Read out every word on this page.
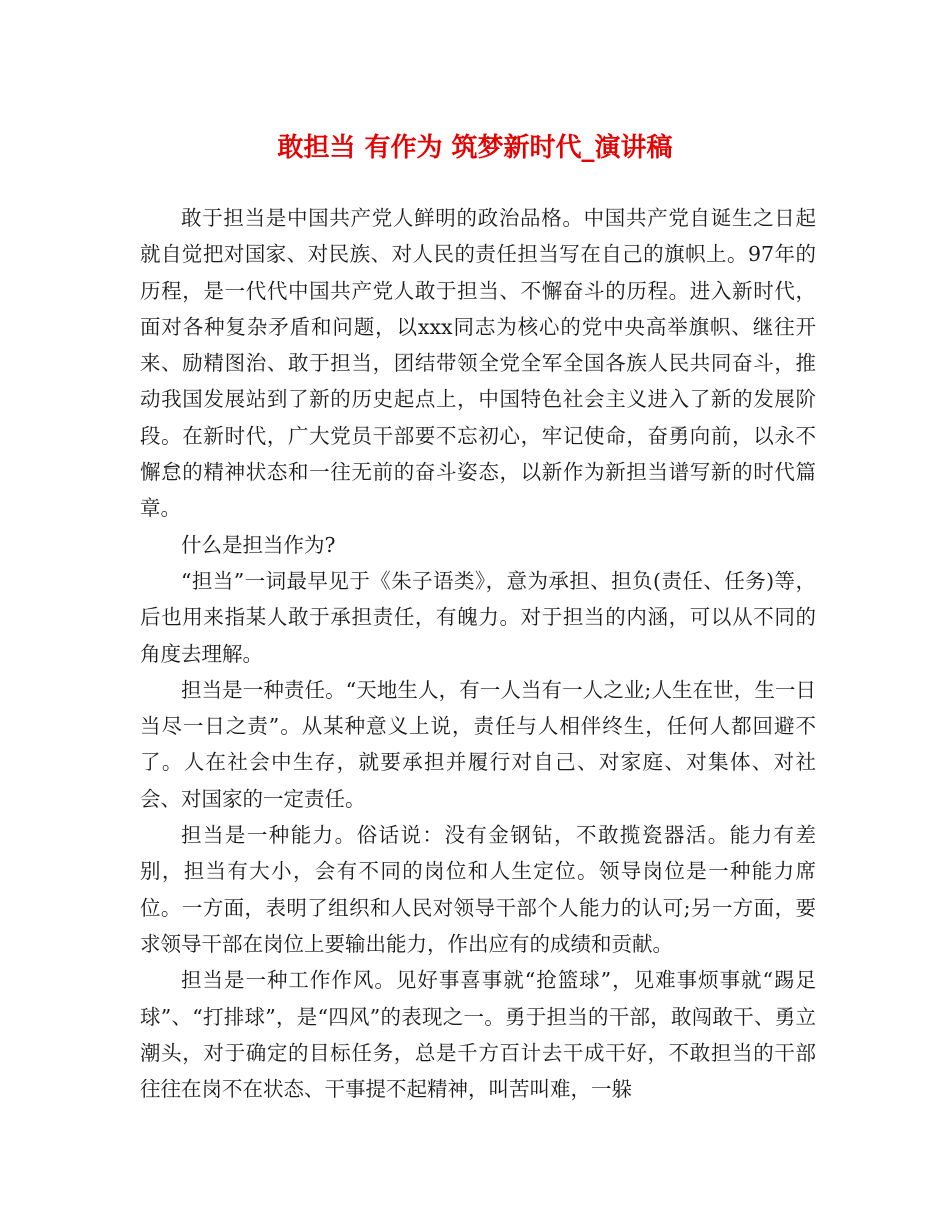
敢担当 有作为 筑梦新时代_演讲稿

敢于担当是中国共产党人鲜明的政治品格。中国共产党自诞生之日起就自觉把对国家、对民族、对人民的责任担当写在自己的旗帜上。97年的历程，是一代代中国共产党人敢于担当、不懈奋斗的历程。进入新时代，面对各种复杂矛盾和问题，以xxx同志为核心的党中央高举旗帜、继往开来、励精图治、敢于担当，团结带领全党全军全国各族人民共同奋斗，推动我国发展站到了新的历史起点上，中国特色社会主义进入了新的发展阶段。在新时代，广大党员干部要不忘初心，牢记使命，奋勇向前，以永不懈怠的精神状态和一往无前的奋斗姿态，以新作为新担当谱写新的时代篇章。

什么是担当作为?

“担当”一词最早见于《朱子语类》，意为承担、担负(责任、任务)等，后也用来指某人敢于承担责任，有魄力。对于担当的内涵，可以从不同的角度去理解。

担当是一种责任。“天地生人，有一人当有一人之业;人生在世，生一日当尽一日之责”。从某种意义上说，责任与人相伴终生，任何人都回避不了。人在社会中生存，就要承担并履行对自己、对家庭、对集体、对社会、对国家的一定责任。

担当是一种能力。俗话说：没有金钢钻，不敢揽瓷器活。能力有差别，担当有大小，会有不同的岗位和人生定位。领导岗位是一种能力席位。一方面，表明了组织和人民对领导干部个人能力的认可;另一方面，要求领导干部在岗位上要输出能力，作出应有的成绩和贡献。

担当是一种工作作风。见好事喜事就“抢篮球”，见难事烦事就“踢足球”、“打排球”，是“四风”的表现之一。勇于担当的干部，敢闯敢干、勇立潮头，对于确定的目标任务，总是千方百计去干成干好，不敢担当的干部往往在岗不在状态、干事提不起精神，叫苦叫难，一躲
